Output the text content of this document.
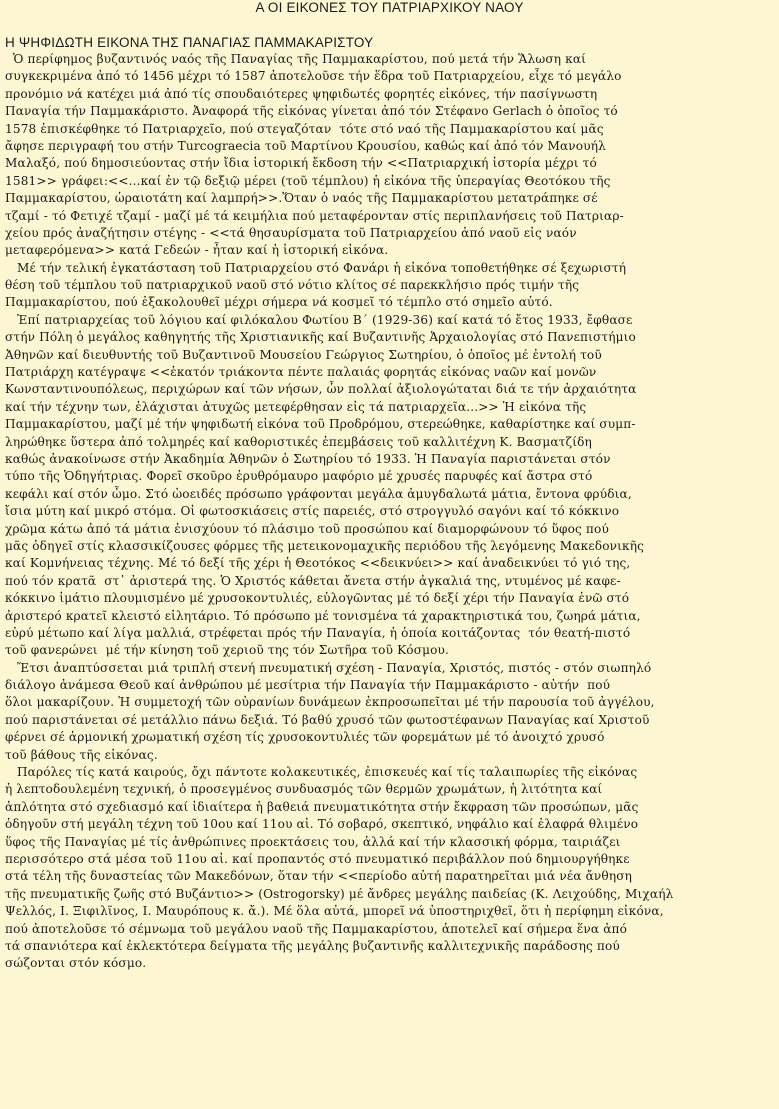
Α ΟΙ ΕΙΚΟΝΕΣ ΤΟΥ ΠΑΤΡΙΑΡΧΙΚΟΥ ΝΑΟΥ
Η ΨΗΦΙΔΩΤΗ ΕΙΚΟΝΑ ΤΗΣ ΠΑΝΑΓΙΑΣ ΠΑΜΜΑΚΑΡΙΣΤΟΥ
Ὁ περίφημος βυζαντινός ναός τῆς Παναγίας τῆς Παμμακαρίστου, πού μετά τήν Ἅλωση καί
συγκεκριμένα ἀπό τό 1456 μέχρι τό 1587 ἀποτελοῦσε τήν ἕδρα τοῦ Πατριαρχείου, εἶχε τό μεγάλο
προνόμιο νά κατέχει μιά ἀπό τίς σπουδαιότερες ψηφιδωτές φορητές εἰκόνες, τήν πασίγνωστη
Παναγία τήν Παμμακάριστο. Ἀναφορά τῆς εἰκόνας γίνεται ἀπό τόν Στέφανο Gerlach ὁ ὁποῖος τό
1578 ἐπισκέφθηκε τό Πατριαρχεῖο, πού στεγαζόταν  τότε στό ναό τῆς Παμμακαρίστου καί μᾶς
ἄφησε περιγραφή του στήν Turcograecia τοῦ Μαρτίνου Κρουσίου, καθώς καί ἀπό τόν Μανουήλ
Μαλαξό, πού δημοσιεύοντας στήν ἴδια ἱστορική ἔκδοση τήν <<Πατριαρχική ἱστορία μέχρι τό
1581>> γράφει:<<...καί ἐν τῷ δεξιῷ μέρει (τοῦ τέμπλου) ἡ εἰκόνα τῆς ὑπεραγίας Θεοτόκου τῆς
Παμμακαρίστου, ὡραιοτάτη καί λαμπρή>>.Ὅταν ὁ ναός τῆς Παμμακαρίστου μετατράπηκε σέ
τζαμί - τό Φετιχέ τζαμί - μαζί μέ τά κειμήλια πού μεταφέρονταν στίς περιπλανήσεις τοῦ Πατριαρ-
χείου πρός ἀναζήτησιν στέγης - <<τά θησαυρίσματα τοῦ Πατριαρχείου ἀπό ναοῦ εἰς ναόν
μεταφερόμενα>> κατά Γεδεών - ἦταν καί ἡ ἱστορική εἰκόνα.
Μέ τήν τελική ἐγκατάσταση τοῦ Πατριαρχείου στό Φανάρι ἡ εἰκόνα τοποθετήθηκε σέ ξεχωριστή
θέση τοῦ τέμπλου τοῦ πατριαρχικοῦ ναοῦ στό νότιο κλίτος σέ παρεκκλήσιο πρός τιμήν τῆς
Παμμακαρίστου, πού ἐξακολουθεῖ μέχρι σήμερα νά κοσμεῖ τό τέμπλο στό σημεῖο αὐτό.
Ἐπί πατριαρχείας τοῦ λόγιου καί φιλόκαλου Φωτίου Β΄ (1929-36) καί κατά τό ἔτος 1933, ἔφθασε
στήν Πόλη ὁ μεγάλος καθηγητής τῆς Χριστιανικῆς καί Βυζαντινῆς Ἀρχαιολογίας στό Πανεπιστήμιο
Ἀθηνῶν καί διευθυντής τοῦ Βυζαντινοῦ Μουσείου Γεώργιος Σωτηρίου, ὁ ὁποῖος μέ ἐντολή τοῦ
Πατριάρχη κατέγραψε <<ἑκατόν τριάκοντα πέντε παλαιάς φορητάς εἰκόνας ναῶν καί μονῶν
Κωνσταντινουπόλεως, περιχώρων καί τῶν νήσων, ὧν πολλαί ἀξιολογώταται διά τε τήν ἀρχαιότητα
καί τήν τέχνην των, ἐλάχισται ἀτυχῶς μετεφέρθησαν εἰς τά πατριαρχεῖα...>> Ἡ εἰκόνα τῆς
Παμμακαρίστου, μαζί μέ τήν ψηφιδωτή εἰκόνα τοῦ Προδρόμου, στερεώθηκε, καθαρίστηκε καί συμπ-
ληρώθηκε ὕστερα ἀπό τολμηρές καί καθοριστικές ἐπεμβάσεις τοῦ καλλιτέχνη Κ. Βασματζίδη
καθώς ἀνακοίνωσε στήν Ἀκαδημία Ἀθηνῶν ὁ Σωτηρίου τό 1933. Ἡ Παναγία παριστάνεται στόν
τύπο τῆς Ὁδηγήτριας. Φορεῖ σκοῦρο ἐρυθρόμαυρο μαφόριο μέ χρυσές παρυφές καί ἄστρα στό
κεφάλι καί στόν ὦμο. Στό ὠοειδές πρόσωπο γράφονται μεγάλα ἀμυγδαλωτά μάτια, ἔντονα φρύδια,
ἴσια μύτη καί μικρό στόμα. Οἱ φωτοσκιάσεις στίς παρειές, στό στρογγυλό σαγόνι καί τό κόκκινο
χρῶμα κάτω ἀπό τά μάτια ἐνισχύουν τό πλάσιμο τοῦ προσώπου καί διαμορφώνουν τό ὕφος πού
μᾶς ὁδηγεῖ στίς κλασσικίζουσες φόρμες τῆς μετεικονομαχικῆς περιόδου τῆς λεγόμενης Μακεδονικῆς
καί Κομνήνειας τέχνης. Μέ τό δεξί τῆς χέρι ἡ Θεοτόκος <<δεικνύει>> καί ἀναδεικνύει τό γιό της,
πού τόν κρατᾶ  στ᾽ ἀριστερά της. Ὁ Χριστός κάθεται ἄνετα στήν ἀγκαλιά της, ντυμένος μέ καφε-
κόκκινο ἱμάτιο πλουμισμένο μέ χρυσοκοντυλιές, εὐλογῶντας μέ τό δεξί χέρι τήν Παναγία ἐνῶ στό
ἀριστερό κρατεῖ κλειστό εἰλητάριο. Τό πρόσωπο μέ τονισμένα τά χαρακτηριστικά του, ζωηρά μάτια,
εὐρύ μέτωπο καί λίγα μαλλιά, στρέφεται πρός τήν Παναγία, ἡ ὁποία κοιτάζοντας  τόν θεατή-πιστό
τοῦ φανερώνει  μέ τήν κίνηση τοῦ χεριοῦ της τόν Σωτῆρα τοῦ Κόσμου.
Ἔτσι ἀναπτύσσεται μιά τριπλή στενή πνευματική σχέση - Παναγία, Χριστός, πιστός - στόν σιωπηλό
διάλογο ἀνάμεσα Θεοῦ καί ἀνθρώπου μέ μεσίτρια τήν Παναγία τήν Παμμακάριστο - αὐτήν  πού
ὅλοι μακαρίζουν. Ἡ συμμετοχή τῶν οὐρανίων δυνάμεων ἐκπροσωπεῖται μέ τήν παρουσία τοῦ ἀγγέλου,
πού παριστάνεται σέ μετάλλιο πάνω δεξιά. Τό βαθύ χρυσό τῶν φωτοστέφανων Παναγίας καί Χριστοῦ
φέρνει σέ ἁρμονική χρωματική σχέση τίς χρυσοκοντυλιές τῶν φορεμάτων μέ τό ἀνοιχτό χρυσό
τοῦ βάθους τῆς εἰκόνας.
Παρόλες τίς κατά καιρούς, ὄχι πάντοτε κολακευτικές, ἐπισκευές καί τίς ταλαιπωρίες τῆς εἰκόνας
ἡ λεπτοδουλεμένη τεχνική, ὁ προσεγμένος συνδυασμός τῶν θερμῶν χρωμάτων, ἡ λιτότητα καί
ἁπλότητα στό σχεδιασμό καί ἰδιαίτερα ἡ βαθειά πνευματικότητα στήν ἔκφραση τῶν προσώπων, μᾶς
ὁδηγοῦν στή μεγάλη τέχνη τοῦ 10ου καί 11ου αἰ. Τό σοβαρό, σκεπτικό, νηφάλιο καί ἐλαφρά θλιμένο
ὕφος τῆς Παναγίας μέ τίς ἀνθρώπινες προεκτάσεις του, ἀλλά καί τήν κλασσική φόρμα, ταιριάζει
περισσότερο στά μέσα τοῦ 11ου αἰ. καί προπαντός στό πνευματικό περιβάλλον πού δημιουργήθηκε
στά τέλη τῆς δυναστείας τῶν Μακεδόνων, ὅταν τήν <<περίοδο αὐτή παρατηρεῖται μιά νέα ἄνθηση
τῆς πνευματικῆς ζωῆς στό Βυζάντιο>> (Ostrogorsky) μέ ἄνδρες μεγάλης παιδείας (Κ. Λειχούδης, Μιχαήλ
Ψελλός, Ι. Ξιφιλῖνος, Ι. Μαυρόπους κ. ἄ.). Μέ ὅλα αὐτά, μπορεῖ νά ὑποστηριχθεῖ, ὅτι ἡ περίφημη εἰκόνα,
πού ἀποτελοῦσε τό σέμνωμα τοῦ μεγάλου ναοῦ τῆς Παμμακαρίστου, ἀποτελεῖ καί σήμερα ἕνα ἀπό
τά σπανιότερα καί ἐκλεκτότερα δείγματα τῆς μεγάλης βυζαντινῆς καλλιτεχνικῆς παράδοσης πού
σώζονται στόν κόσμο.
